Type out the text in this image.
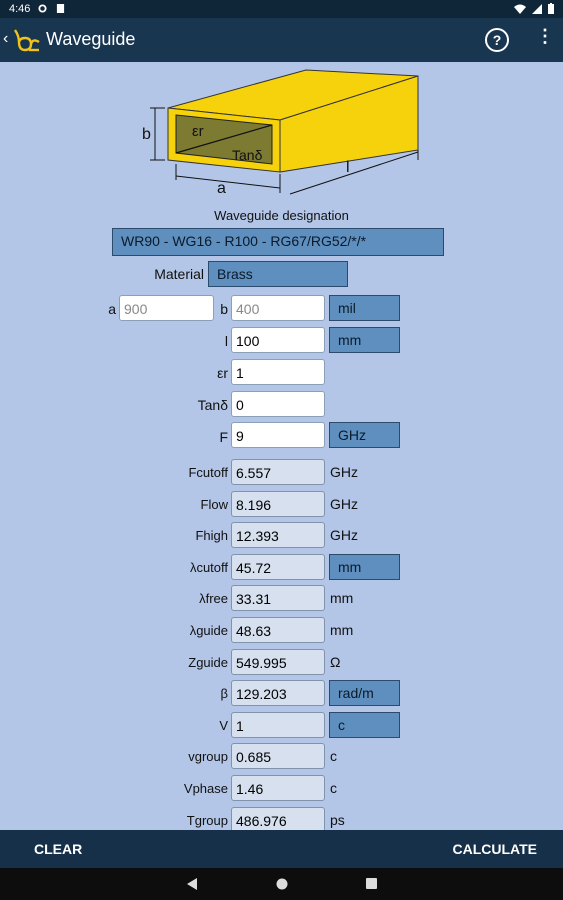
4:46
‹ Waveguide	?	⋮
b	εr
Tanδ
a
l
Waveguide designation
WR90 - WG16 - R100 - RG67/RG52/*/*
Material Brass
a 900	b 400	mil
l 100	mm
εr 1
Tanδ 0
F 9	GHz
Fcutoff 6.557	GHz
Flow 8.196	GHz
Fhigh 12.393	GHz
λcutoff 45.72	mm
λfree 33.31	mm
λguide 48.63	mm
Zguide 549.995	Ω
β 129.203	rad/m
V 1	c
vgroup 0.685	c
Vphase 1.46	c
Tgroup 486.976	ps
CLEAR	CALCULATE
